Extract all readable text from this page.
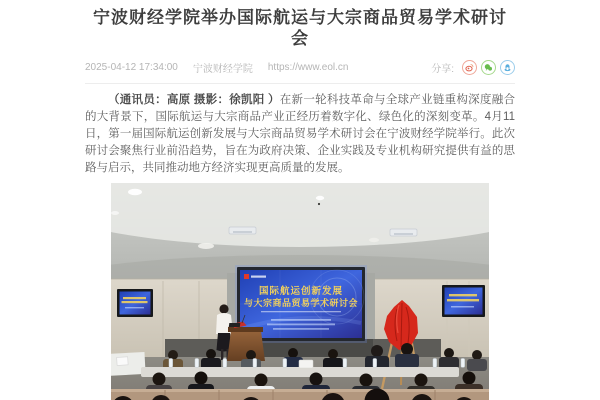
宁波财经学院举办国际航运与大宗商品贸易学术研讨会
2025-04-12 17:34:00 宁波财经学院 https://www.eol.cn	分享:

（通讯员：高原 摄影：徐凯阳 ）在新一轮科技革命与全球产业链重构深度融合的大背景下，国际航运与大宗商品产业正经历着数字化、绿色化的深刻变革。4月11日，第一届国际航运创新发展与大宗商品贸易学术研讨会在宁波财经学院举行。此次研讨会聚焦行业前沿趋势，旨在为政府决策、企业实践及专业机构研究提供有益的思路与启示，共同推动地方经济实现更高质量的发展。

国际航运创新发展
与大宗商品贸易学术研讨会
